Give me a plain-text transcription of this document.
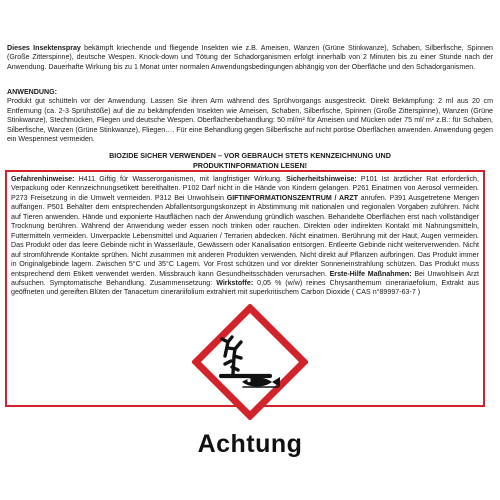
Dieses Insektenspray bekämpft kriechende und fliegende Insekten wie z.B. Ameisen, Wanzen (Grüne Stinkwanze), Schaben, Silberfische, Spinnen (Große Zitterspinne), deutsche Wespen. Knock-down und Tötung der Schadorganismen erfolgt innerhalb von 2 Minuten bis zu einer Stunde nach der Anwendung. Dauerhafte Wirkung bis zu 1 Monat unter normalen Anwendungsbedingungen abhängig von der Oberfläche und den Schadorganismen.

ANWENDUNG:
Produkt gut schütteln vor der Anwendung. Lassen Sie ihren Arm während des Sprühvorgangs ausgestreckt. Direkt Bekämpfung: 2 ml aus 20 cm Entfernung (ca. 2-3 Sprühstöße) auf die zu bekämpfenden Insekten wie Ameisen, Schaben, Silberfische, Spinnen (Große Zitterspinne), Wanzen (Grüne Stinkwanze), Stechmücken, Fliegen und deutsche Wespen. Oberflächenbehandlung: 50 ml/m² für Ameisen und Mücken oder 75 ml/ m² z.B.: für Schaben, Silberfische, Wanzen (Grüne Stinkwanze), Fliegen…. Für eine Behandlung gegen Silberfische auf nicht poröse Oberflächen anwenden. Anwendung gegen ein Wespennest vermeiden.
BIOZIDE SICHER VERWENDEN – VOR GEBRAUCH STETS KENNZEICHNUNG UND
PRODUKTINFORMATION LESEN!

Gefahrenhinweise: H411 Giftig für Wasserorganismen, mit langfristiger Wirkung. Sicherheitshinweise: P101 Ist ärztlicher Rat erforderlich, Verpackung oder Kennzeichnungsetikett bereithalten. P102 Darf nicht in die Hände von Kindern gelangen. P261 Einatmen von Aerosol vermeiden. P273 Freisetzung in die Umwelt vermeiden. P312 Bei Unwohlsein GIFTINFORMATIONSZENTRUM / ARZT anrufen. P391 Ausgetretene Mengen auffangen. P501 Behälter dem entsprechenden Abfallentsorgungskonzept in Abstimmung mit nationalen und regionalen Vorgaben zuführen. Nicht auf Tieren anwenden. Hände und exponierte Hautflächen nach der Anwendung gründlich waschen. Behandelte Oberflächen erst nach vollständiger Trocknung berühren. Während der Anwendung weder essen noch trinken oder rauchen. Direkten oder indirekten Kontakt mit Nahrungsmitteln, Futtermitteln vermeiden. Unverpackte Lebensmittel und Aquarien / Terrarien abdecken. Nicht einatmen. Berührung mit der Haut, Augen vermeiden. Das Produkt oder das leere Gebinde nicht in Wasserläufe, Gewässern oder Kanalisation entsorgen. Entleerte Gebinde nicht weiterverwenden. Nicht auf stromführende Kontakte sprühen. Nicht zusammen mit anderen Produkten verwenden. Nicht direkt auf Pflanzen aufbringen. Das Produkt immer in Originalgebinde lagern. Zwischen 5°C und 35°C Lagern. Vor Frost schützen und vor direkter Sonneneinstrahlung schützen. Das Produkt muss entsprechend dem Etikett verwendet werden. Missbrauch kann Gesundheitsschäden verursachen. Erste-Hilfe Maßnahmen: Bei Unwohlsein Arzt aufsuchen. Symptomatische Behandlung. Zusammensetzung: Wirkstoffe: 0,05 % (w/w) reines Chrysanthemum cinerariaefolium, Extrakt aus geöffneten und gereiften Blüten der Tanacetum cinerariifolium extrahiert mit superkritischem Carbon Dioxide ( CAS n°89997-63-7 )

Achtung
